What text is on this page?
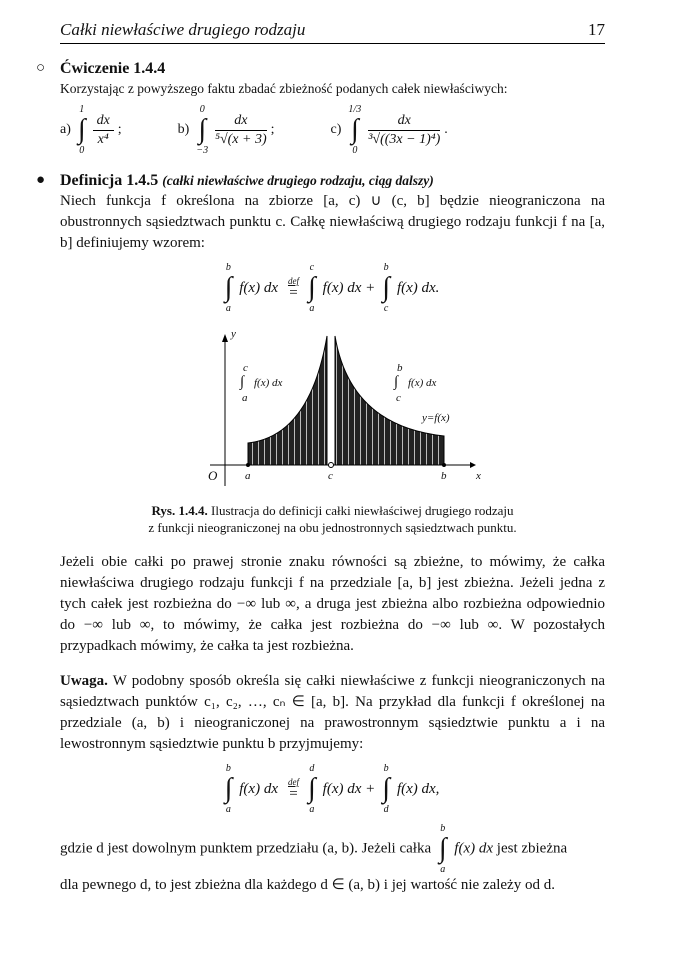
Całki niewłaściwe drugiego rodzaju	17
○ Ćwiczenie 1.4.4
Korzystając z powyższego faktu zbadać zbieżność podanych całek niewłaściwych:
a)
1
∫
0
$\frac{dx}{\text{x⁴}}$ ;	b)
0
∫
−3
$\frac{dx}{\text{⁵√(x + 3)}}$ ;	c)
1/3
∫
0
$\frac{dx}{\text{³√((3x − 1)⁴)}}$ .
● Definicja 1.4.5 (całki niewłaściwe drugiego rodzaju, ciąg dalszy)
Niech funkcja f określona na zbiorze [a, c) ∪ (c, b] będzie nieograniczona na obustronnych sąsiedztwach punktu c. Całkę niewłaściwą drugiego rodzaju funkcji f na [a, b] definiujemy wzorem:
b
∫
a
f(x) dx def
=
c
∫
a
f(x) dx +
b
∫
c
f(x) dx.
y
x
O	a	c	b
c
∫
a
f(x) dx
b
∫
c
f(x) dx
y=f(x)
Rys. 1.4.4. Ilustracja do definicji całki niewłaściwej drugiego rodzaju
z funkcji nieograniczonej na obu jednostronnych sąsiedztwach punktu.
Jeżeli obie całki po prawej stronie znaku równości są zbieżne, to mówimy, że całka niewłaściwa drugiego rodzaju funkcji f na przedziale [a, b] jest zbieżna. Jeżeli jedna z tych całek jest rozbieżna do −∞ lub ∞, a druga jest zbieżna albo rozbieżna odpowiednio do −∞ lub ∞, to mówimy, że całka jest rozbieżna do −∞ lub ∞. W pozostałych przypadkach mówimy, że całka ta jest rozbieżna.
Uwaga. W podobny sposób określa się całki niewłaściwe z funkcji nieograniczonych na sąsiedztwach punktów c₁, c₂, …, cₙ ∈ [a, b]. Na przykład dla funkcji f określonej na przedziale (a, b) i nieograniczonej na prawostronnym sąsiedztwie punktu a i na lewostronnym sąsiedztwie punktu b przyjmujemy:
b
∫
a
f(x) dx def
=
d
∫
a
f(x) dx +
b
∫
d
f(x) dx,
gdzie d jest dowolnym punktem przedziału (a, b). Jeżeli całka
b
∫
a
f(x) dx jest zbieżna
dla pewnego d, to jest zbieżna dla każdego d ∈ (a, b) i jej wartość nie zależy od d.
